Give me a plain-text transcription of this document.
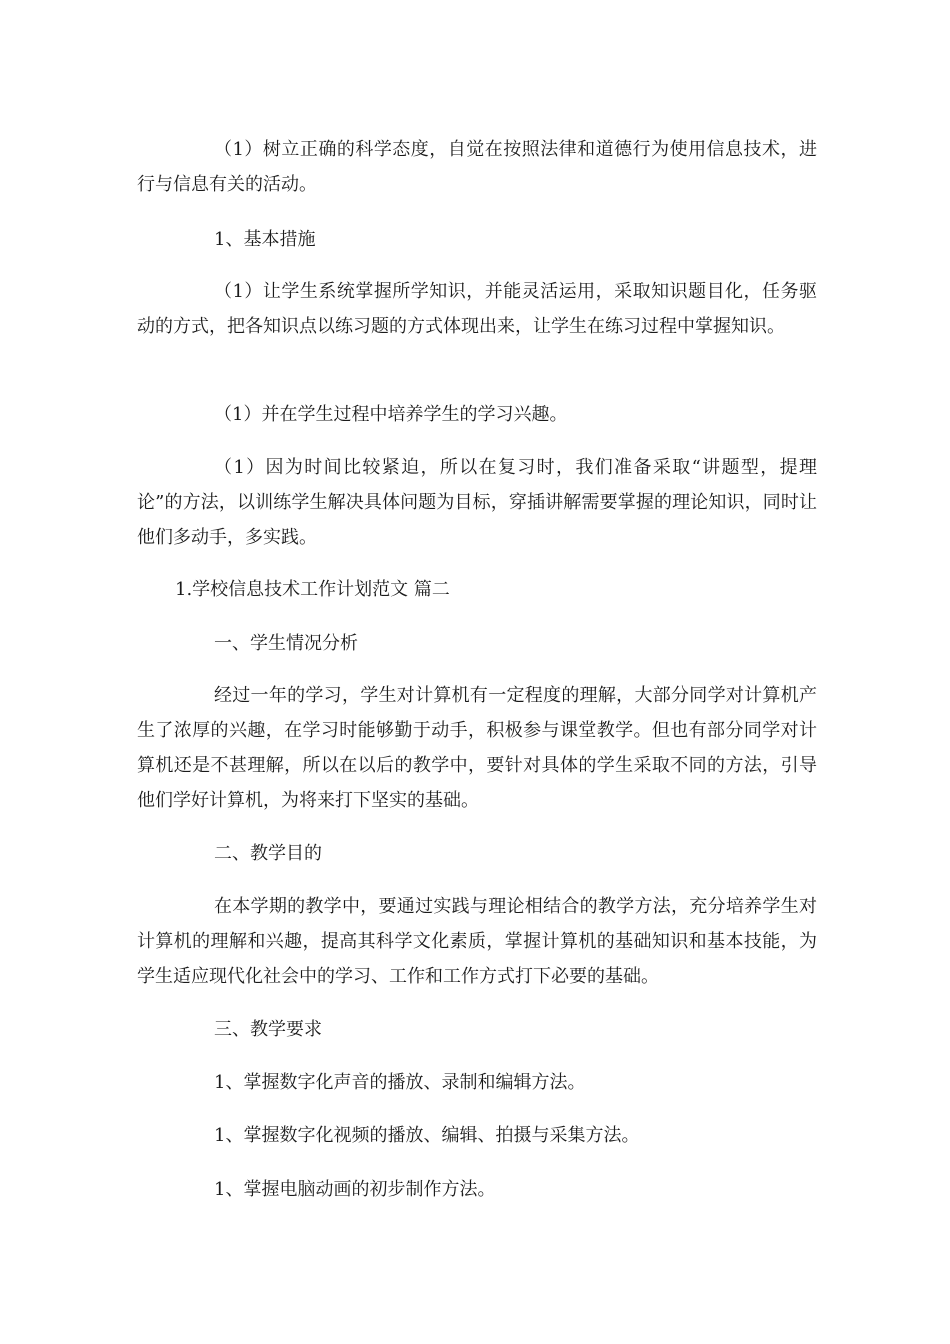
（1）树立正确的科学态度，自觉在按照法律和道德行为使用信息技术，进行与信息有关的活动。

1、基本措施

（1）让学生系统掌握所学知识，并能灵活运用，采取知识题目化，任务驱动的方式，把各知识点以练习题的方式体现出来，让学生在练习过程中掌握知识。

（1）并在学生过程中培养学生的学习兴趣。

（1）因为时间比较紧迫，所以在复习时，我们准备采取“讲题型，提理论”的方法，以训练学生解决具体问题为目标，穿插讲解需要掌握的理论知识，同时让他们多动手，多实践。

1.学校信息技术工作计划范文 篇二

一、学生情况分析

经过一年的学习，学生对计算机有一定程度的理解，大部分同学对计算机产生了浓厚的兴趣，在学习时能够勤于动手，积极参与课堂教学。但也有部分同学对计算机还是不甚理解，所以在以后的教学中，要针对具体的学生采取不同的方法，引导他们学好计算机，为将来打下坚实的基础。

二、教学目的

在本学期的教学中，要通过实践与理论相结合的教学方法，充分培养学生对计算机的理解和兴趣，提高其科学文化素质，掌握计算机的基础知识和基本技能，为学生适应现代化社会中的学习、工作和工作方式打下必要的基础。

三、教学要求

1、掌握数字化声音的播放、录制和编辑方法。

1、掌握数字化视频的播放、编辑、拍摄与采集方法。

1、掌握电脑动画的初步制作方法。
